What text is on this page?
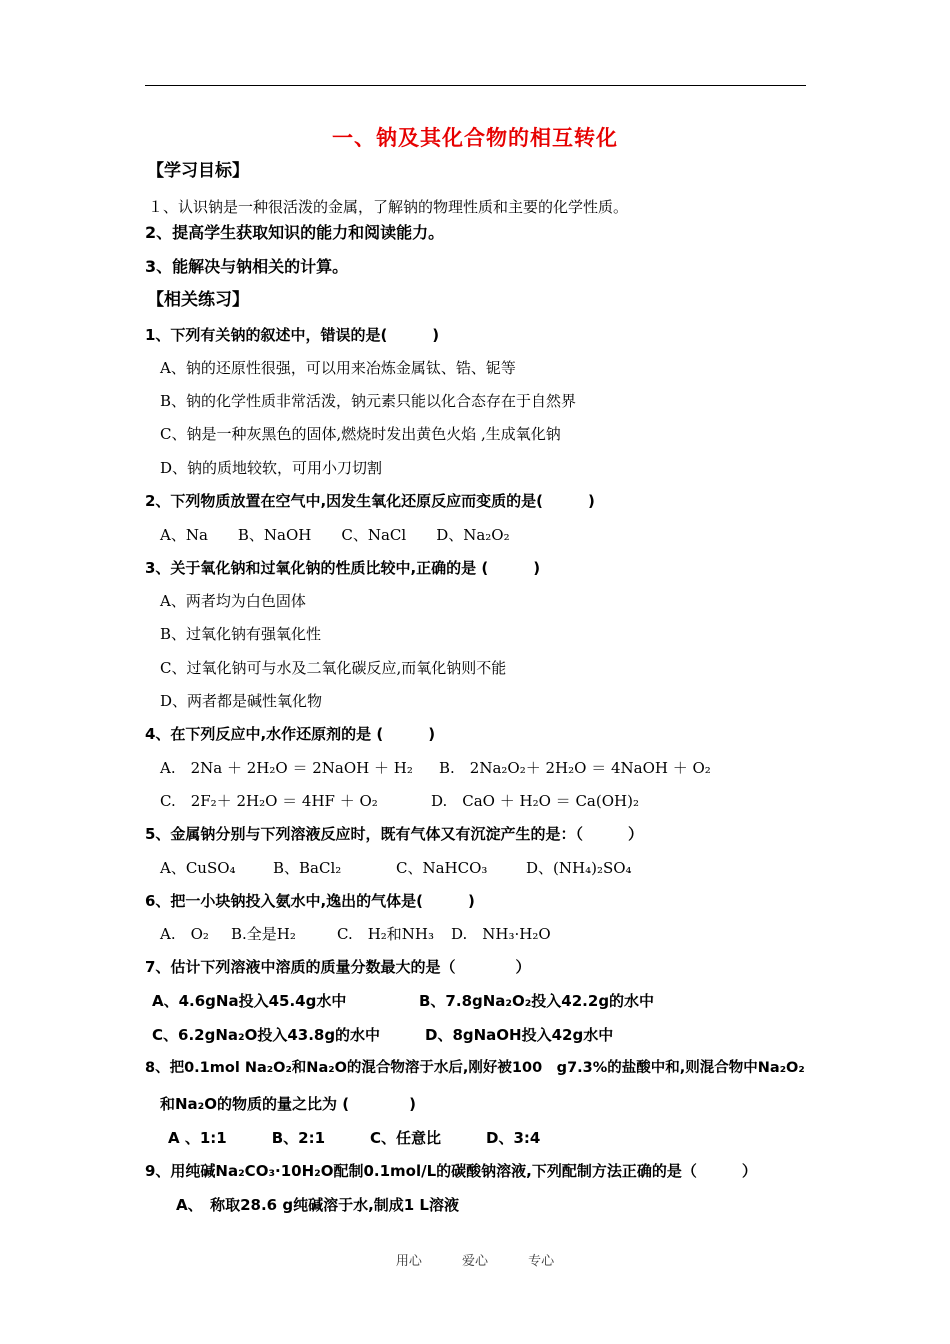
一、钠及其化合物的相互转化
【学习目标】
１、认识钠是一种很活泼的金属，了解钠的物理性质和主要的化学性质。
2、提高学生获取知识的能力和阅读能力。
3、能解决与钠相关的计算。
【相关练习】
1、下列有关钠的叙述中，错误的是(　　　)
A、钠的还原性很强，可以用来冶炼金属钛、锆、铌等
B、钠的化学性质非常活泼，钠元素只能以化合态存在于自然界
C、钠是一种灰黑色的固体,燃烧时发出黄色火焰 ,生成氧化钠
D、钠的质地较软，可用小刀切割
2、下列物质放置在空气中,因发生氧化还原反应而变质的是(　　　)
A、Na　　B、NaOH　　C、NaCl　　D、Na₂O₂
3、关于氧化钠和过氧化钠的性质比较中,正确的是 (　　　)
A、两者均为白色固体
B、过氧化钠有强氧化性
C、过氧化钠可与水及二氧化碳反应,而氧化钠则不能
D、两者都是碱性氧化物
4、在下列反应中,水作还原剂的是 (　　　)
A.　2Na ＋ 2H₂O ＝ 2NaOH ＋ H₂ B.　2Na₂O₂＋ 2H₂O ＝ 4NaOH ＋ O₂
C.　2F₂＋ 2H₂O ＝ 4HF ＋ O₂	D.　CaO ＋ H₂O ＝ Ca(OH)₂
5、金属钠分别与下列溶液反应时，既有气体又有沉淀产生的是：（　　　）
A、CuSO₄ B、BaCl₂	C、NaHCO₃	D、(NH₄)₂SO₄
6、把一小块钠投入氨水中,逸出的气体是(　　　)
A.　O₂ B.全是H₂	C.　H₂和NH₃ D.　NH₃·H₂O
7、估计下列溶液中溶质的质量分数最大的是（　　　　）
A、4.6gNa投入45.4g水中	B、7.8gNa₂O₂投入42.2g的水中
C、6.2gNa₂O投入43.8g的水中	D、8gNaOH投入42g水中
8、把0.1mol Na₂O₂和Na₂O的混合物溶于水后,刚好被100　g7.3%的盐酸中和,则混合物中Na₂O₂
和Na₂O的物质的量之比为 (　　　　)
A 、1:1　　　B、2:1　　　C、任意比　　　D、3:4
9、用纯碱Na₂CO₃·10H₂O配制0.1mol/L的碳酸钠溶液,下列配制方法正确的是（　　　）
A、　称取28.6 g纯碱溶于水,制成1 L溶液
用心	爱心	专心
